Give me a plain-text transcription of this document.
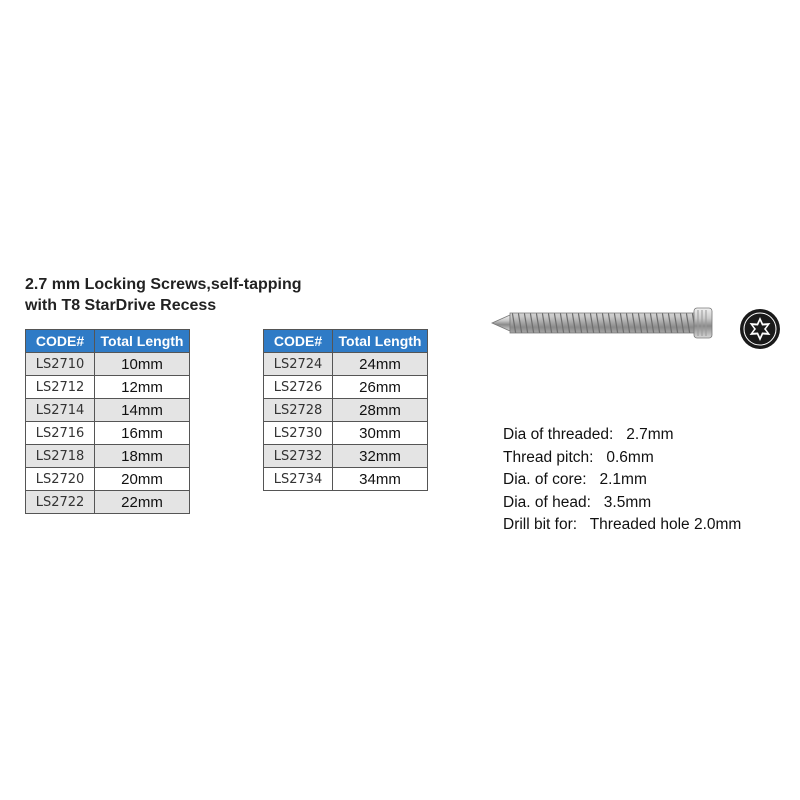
2.7 mm Locking Screws,self-tapping
with T8 StarDrive Recess
CODE#	Total Length
LS2710	10mm
LS2712	12mm
LS2714	14mm
LS2716	16mm
LS2718	18mm
LS2720	20mm
LS2722	22mm
CODE#	Total Length
LS2724	24mm
LS2726	26mm
LS2728	28mm
LS2730	30mm
LS2732	32mm
LS2734	34mm
Dia of threaded:   2.7mm
Thread pitch:   0.6mm
Dia. of core:   2.1mm
Dia. of head:   3.5mm
Drill bit for:   Threaded hole 2.0mm
